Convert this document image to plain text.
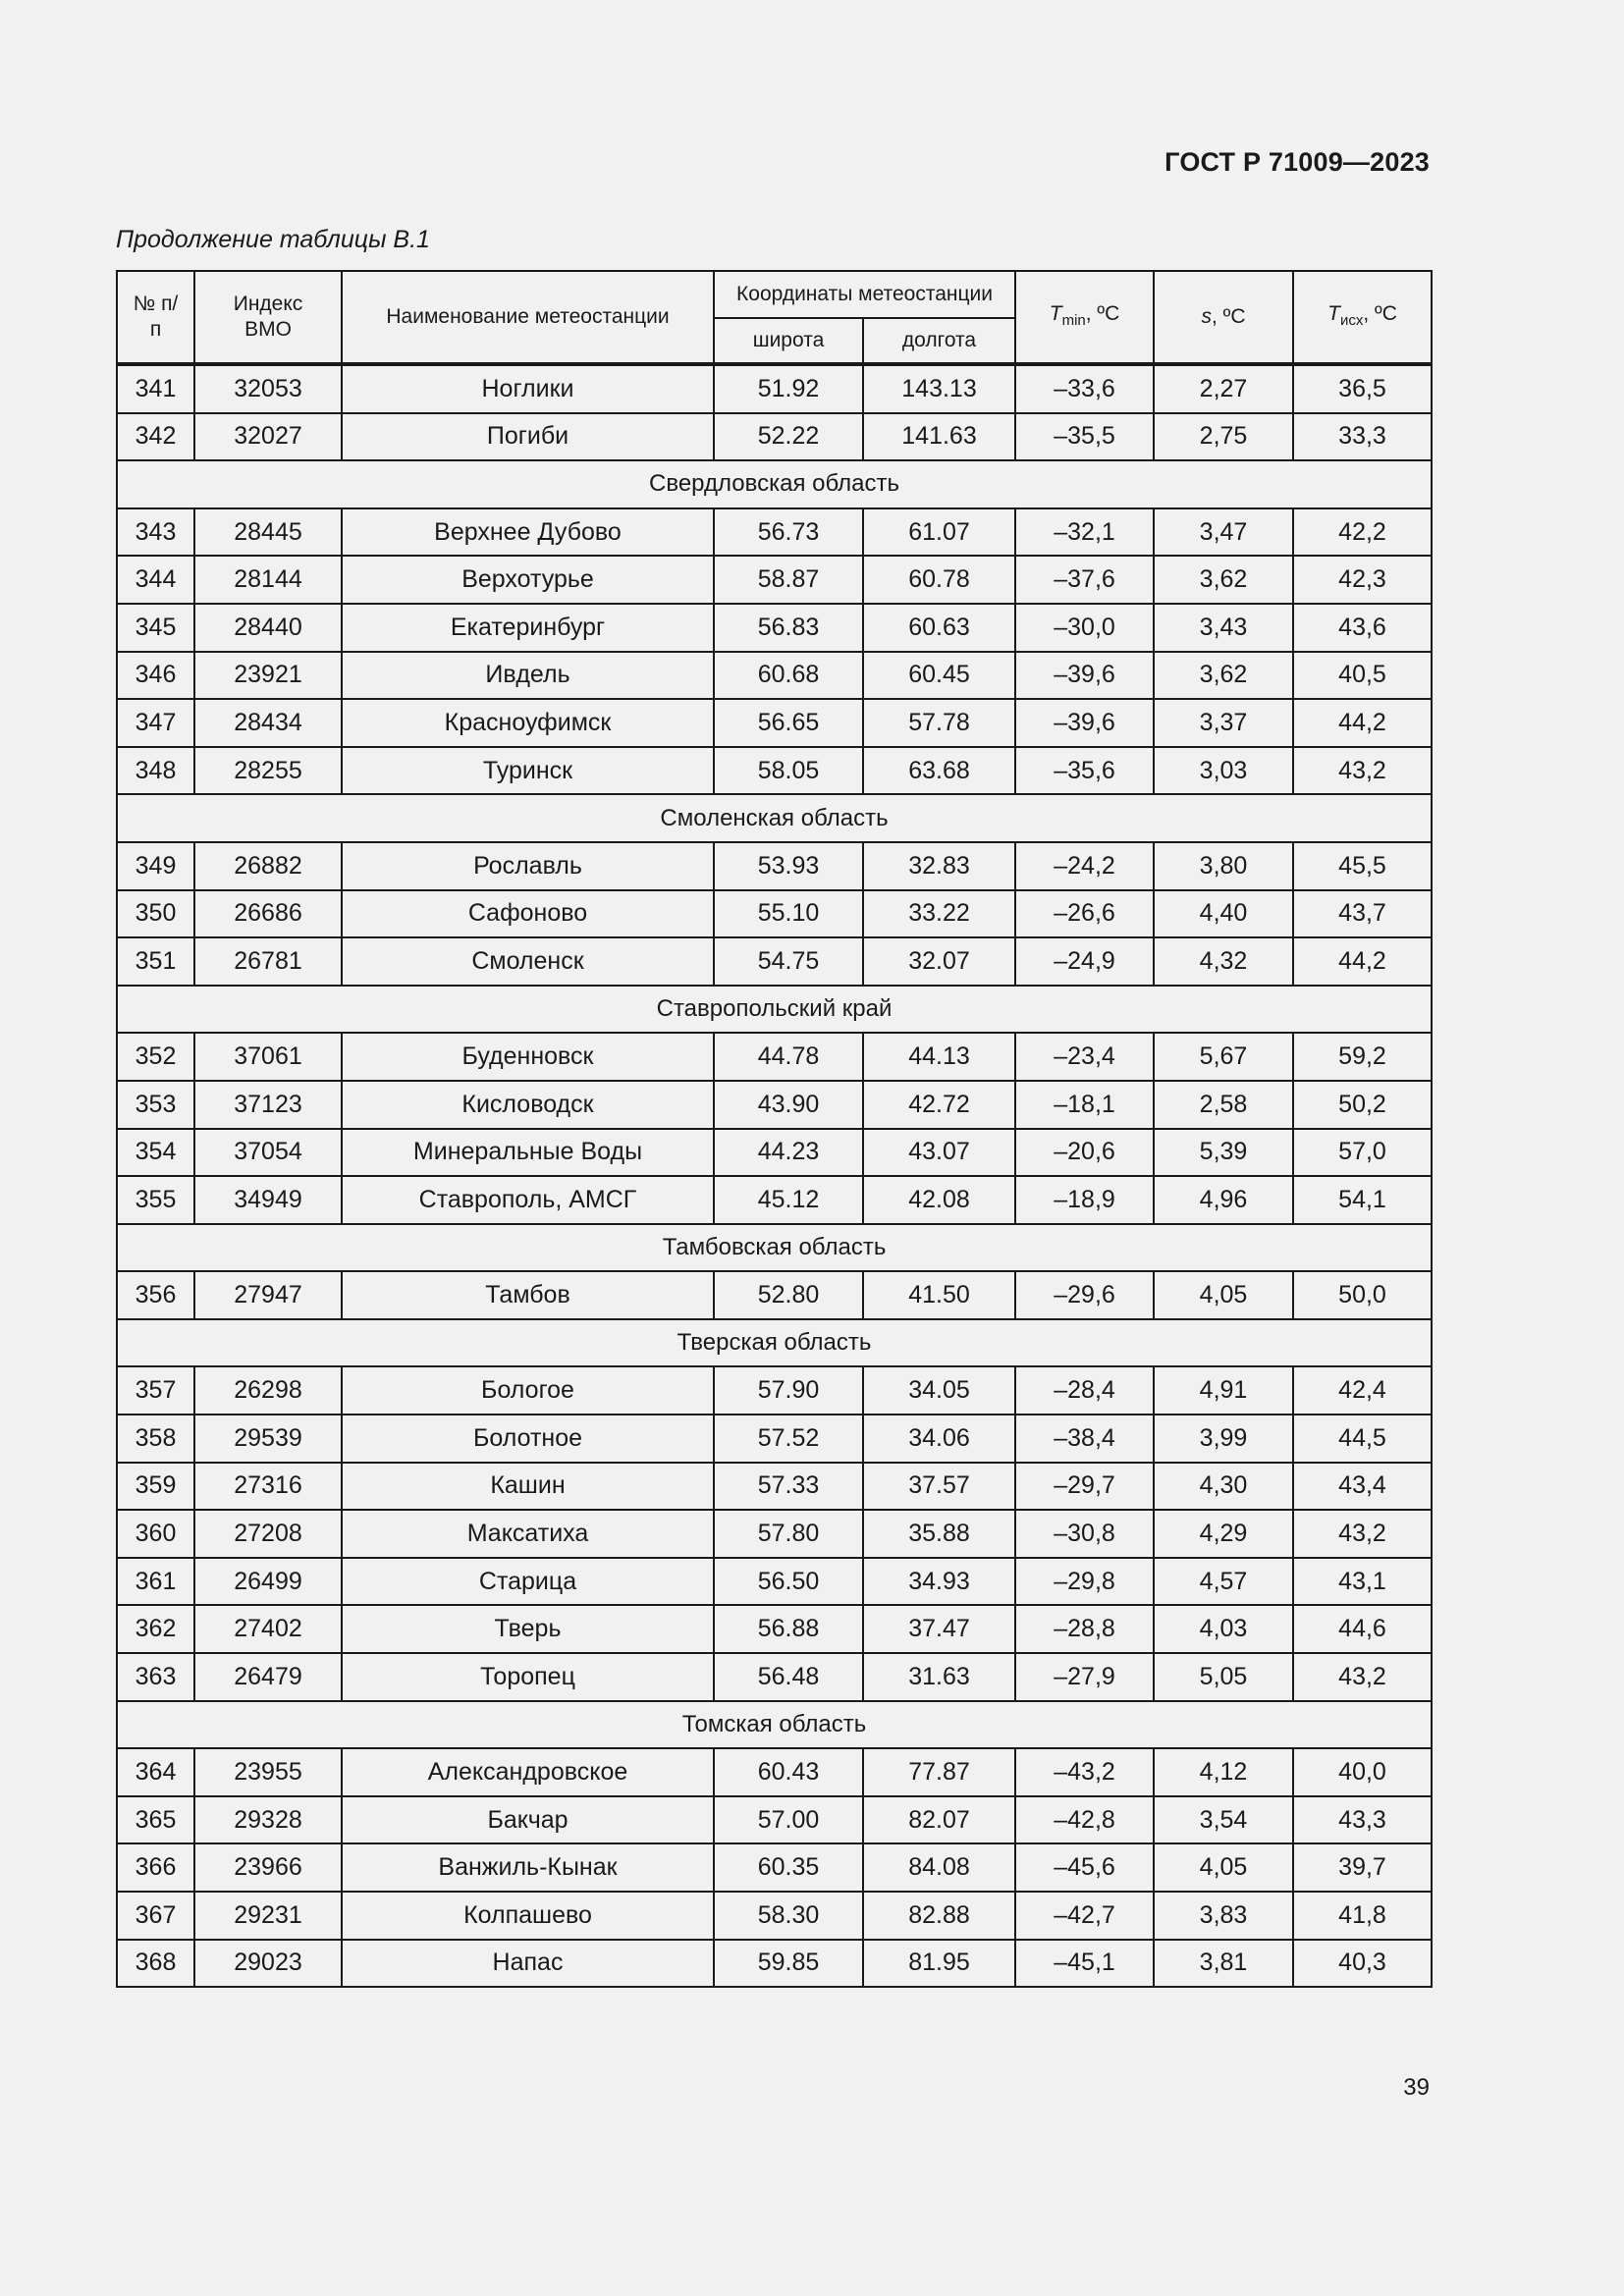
ГОСТ Р 71009—2023
Продолжение таблицы В.1
№ п/п	Индекс ВМО	Наименование метеостанции	Координаты метеостанции		$T_{min}$, ºС	s, ºС	$T_{исх}$, ºС
			широта	долгота			
341	32053	Ноглики	51.92	143.13	–33,6	2,27	36,5
342	32027	Погиби	52.22	141.63	–35,5	2,75	33,3
Свердловская область							
343	28445	Верхнее Дубово	56.73	61.07	–32,1	3,47	42,2
344	28144	Верхотурье	58.87	60.78	–37,6	3,62	42,3
345	28440	Екатеринбург	56.83	60.63	–30,0	3,43	43,6
346	23921	Ивдель	60.68	60.45	–39,6	3,62	40,5
347	28434	Красноуфимск	56.65	57.78	–39,6	3,37	44,2
348	28255	Туринск	58.05	63.68	–35,6	3,03	43,2
Смоленская область							
349	26882	Рославль	53.93	32.83	–24,2	3,80	45,5
350	26686	Сафоново	55.10	33.22	–26,6	4,40	43,7
351	26781	Смоленск	54.75	32.07	–24,9	4,32	44,2
Ставропольский край							
352	37061	Буденновск	44.78	44.13	–23,4	5,67	59,2
353	37123	Кисловодск	43.90	42.72	–18,1	2,58	50,2
354	37054	Минеральные Воды	44.23	43.07	–20,6	5,39	57,0
355	34949	Ставрополь, АМСГ	45.12	42.08	–18,9	4,96	54,1
Тамбовская область							
356	27947	Тамбов	52.80	41.50	–29,6	4,05	50,0
Тверская область							
357	26298	Бологое	57.90	34.05	–28,4	4,91	42,4
358	29539	Болотное	57.52	34.06	–38,4	3,99	44,5
359	27316	Кашин	57.33	37.57	–29,7	4,30	43,4
360	27208	Максатиха	57.80	35.88	–30,8	4,29	43,2
361	26499	Старица	56.50	34.93	–29,8	4,57	43,1
362	27402	Тверь	56.88	37.47	–28,8	4,03	44,6
363	26479	Торопец	56.48	31.63	–27,9	5,05	43,2
Томская область							
364	23955	Александровское	60.43	77.87	–43,2	4,12	40,0
365	29328	Бакчар	57.00	82.07	–42,8	3,54	43,3
366	23966	Ванжиль-Кынак	60.35	84.08	–45,6	4,05	39,7
367	29231	Колпашево	58.30	82.88	–42,7	3,83	41,8
368	29023	Напас	59.85	81.95	–45,1	3,81	40,3
39
